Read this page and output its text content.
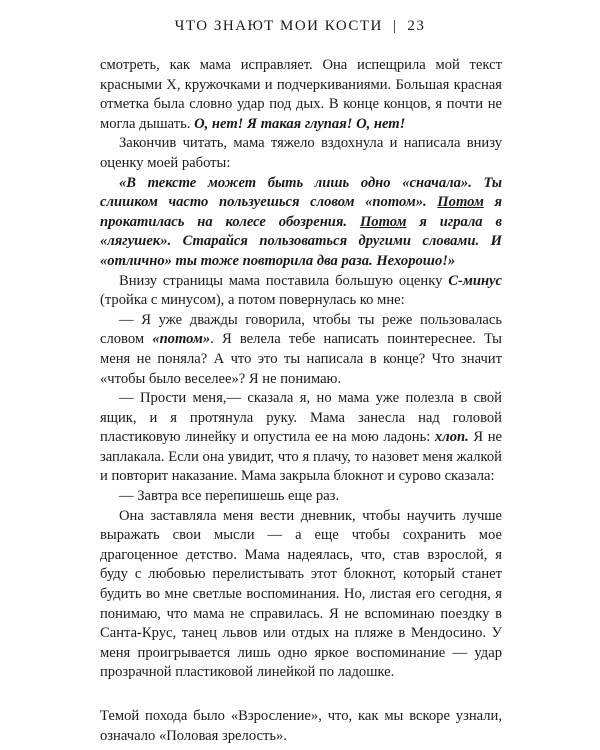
ЧТО ЗНАЮТ МОИ КОСТИ | 23

смотреть, как мама исправляет. Она испещрила мой текст красными X, кружочками и подчеркиваниями. Большая красная отметка была словно удар под дых. В конце концов, я почти не могла дышать. О, нет! Я такая глупая! О, нет!

Закончив читать, мама тяжело вздохнула и написала внизу оценку моей работы:

«В тексте может быть лишь одно «сначала». Ты слишком часто пользуешься словом «потом». Потом я прокатилась на колесе обозрения. Потом я играла в «лягушек». Старайся пользоваться другими словами. И «отлично» ты тоже повторила два раза. Нехорошо!»

Внизу страницы мама поставила большую оценку С-минус (тройка с минусом), а потом повернулась ко мне:

— Я уже дважды говорила, чтобы ты реже пользовалась словом «потом». Я велела тебе написать поинтереснее. Ты меня не поняла? А что это ты написала в конце? Что значит «чтобы было веселее»? Я не понимаю.

— Прости меня,— сказала я, но мама уже полезла в свой ящик, и я протянула руку. Мама занесла над головой пластиковую линейку и опустила ее на мою ладонь: хлоп. Я не заплакала. Если она увидит, что я плачу, то назовет меня жалкой и повторит наказание. Мама закрыла блокнот и сурово сказала:

— Завтра все перепишешь еще раз.

Она заставляла меня вести дневник, чтобы научить лучше выражать свои мысли — а еще чтобы сохранить мое драгоценное детство. Мама надеялась, что, став взрослой, я буду с любовью перелистывать этот блокнот, который станет будить во мне светлые воспоминания. Но, листая его сегодня, я понимаю, что мама не справилась. Я не вспоминаю поездку в Санта-Крус, танец львов или отдых на пляже в Мендосино. У меня проигрывается лишь одно яркое воспоминание — удар прозрачной пластиковой линейкой по ладошке.

Темой похода было «Взросление», что, как мы вскоре узнали, означало «Половая зрелость».
